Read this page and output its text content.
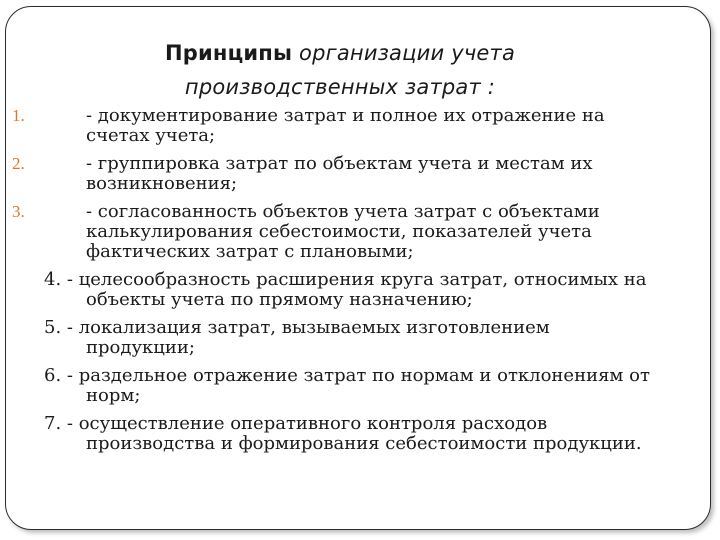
Принципы организации учета
производственных затрат :
1.	- документирование затрат и полное их отражение на
счетах учета;
2.	- группировка затрат по объектам учета и местам их
возникновения;
3.	- согласованность объектов учета затрат с объектами
калькулирования себестоимости, показателей учета
фактических затрат с плановыми;
4. - целесообразность расширения круга затрат, относимых на
объекты учета по прямому назначению;
5. - локализация затрат, вызываемых изготовлением
продукции;
6. - раздельное отражение затрат по нормам и отклонениям от
норм;
7. - осуществление оперативного контроля расходов
производства и формирования себестоимости продукции.
